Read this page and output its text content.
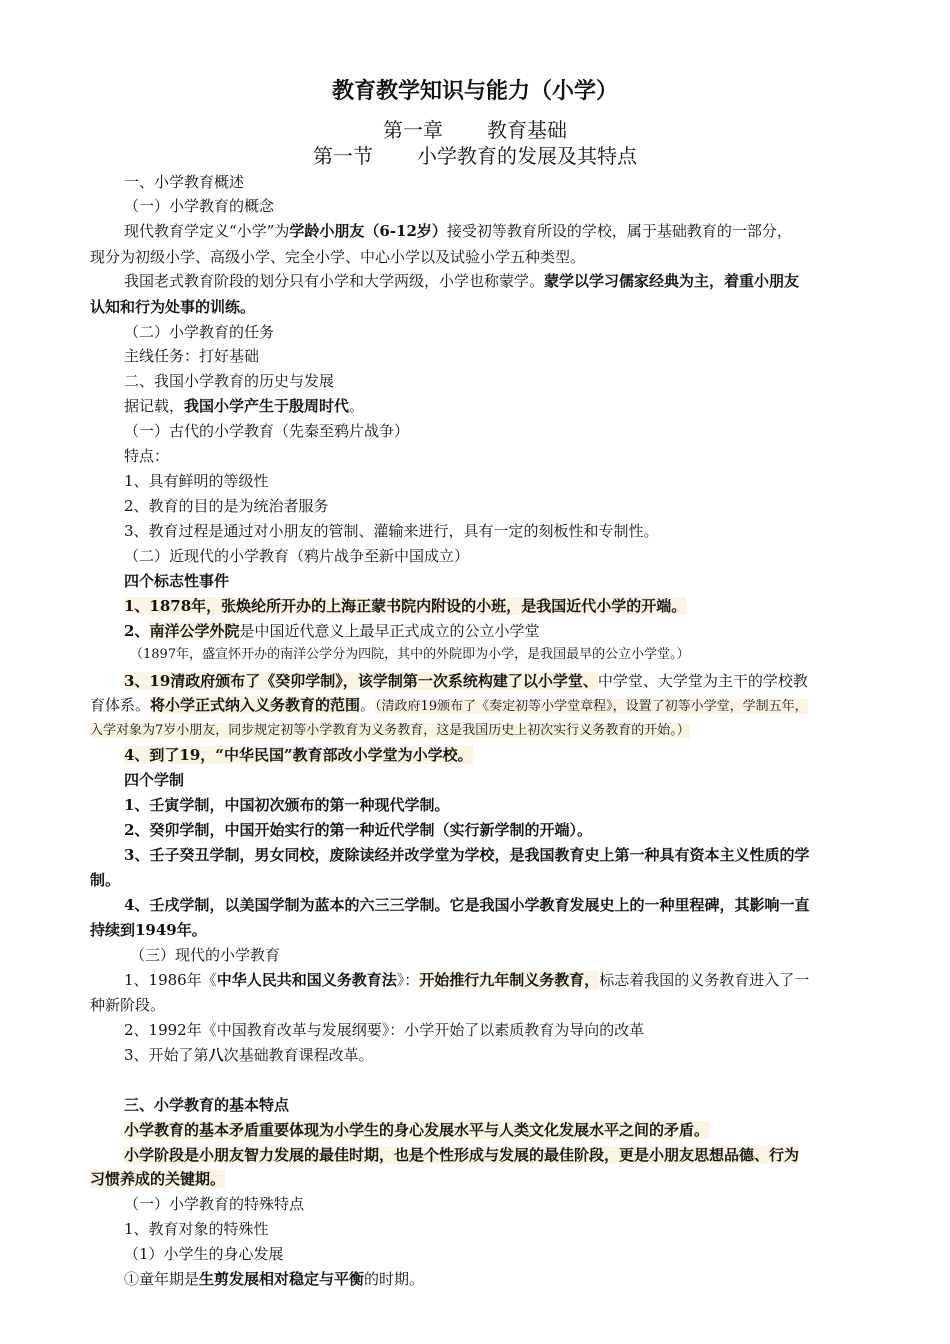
教育教学知识与能力（小学）
第一章 教育基础
第一节 小学教育的发展及其特点
一、小学教育概述
（一）小学教育的概念
现代教育学定义“小学”为学龄小朋友（6-12岁）接受初等教育所设的学校，属于基础教育的一部分，
现分为初级小学、高级小学、完全小学、中心小学以及试验小学五种类型。
我国老式教育阶段的划分只有小学和大学两级，小学也称蒙学。蒙学以学习儒家经典为主，着重小朋友
认知和行为处事的训练。
（二）小学教育的任务
主线任务：打好基础
二、我国小学教育的历史与发展
据记载，我国小学产生于殷周时代。
（一）古代的小学教育（先秦至鸦片战争）
特点：
1、具有鲜明的等级性
2、教育的目的是为统治者服务
3、教育过程是通过对小朋友的管制、灌输来进行，具有一定的刻板性和专制性。
（二）近现代的小学教育（鸦片战争至新中国成立）
四个标志性事件
1、1878年，张焕纶所开办的上海正蒙书院内附设的小班，是我国近代小学的开端。
2、南洋公学外院是中国近代意义上最早正式成立的公立小学堂
（1897年，盛宣怀开办的南洋公学分为四院，其中的外院即为小学，是我国最早的公立小学堂。）
3、19清政府颁布了《癸卯学制》，该学制第一次系统构建了以小学堂、中学堂、大学堂为主干的学校教
育体系。将小学正式纳入义务教育的范围。（清政府19颁布了《奏定初等小学堂章程》，设置了初等小学堂，学制五年，
入学对象为7岁小朋友，同步规定初等小学教育为义务教育，这是我国历史上初次实行义务教育的开始。）
4、到了19，“中华民国”教育部改小学堂为小学校。
四个学制
1、壬寅学制，中国初次颁布的第一种现代学制。
2、癸卯学制，中国开始实行的第一种近代学制（实行新学制的开端）。
3、壬子癸丑学制，男女同校，废除读经并改学堂为学校，是我国教育史上第一种具有资本主义性质的学
制。
4、壬戌学制，以美国学制为蓝本的六三三学制。它是我国小学教育发展史上的一种里程碑，其影响一直
持续到1949年。
（三）现代的小学教育
1、1986年《中华人民共和国义务教育法》：开始推行九年制义务教育，标志着我国的义务教育进入了一
种新阶段。
2、1992年《中国教育改革与发展纲要》：小学开始了以素质教育为导向的改革
3、开始了第八次基础教育课程改革。
三、小学教育的基本特点
小学教育的基本矛盾重要体现为小学生的身心发展水平与人类文化发展水平之间的矛盾。
小学阶段是小朋友智力发展的最佳时期，也是个性形成与发展的最佳阶段，更是小朋友思想品德、行为
习惯养成的关键期。
（一）小学教育的特殊特点
1、教育对象的特殊性
（1）小学生的身心发展
①童年期是生剪发展相对稳定与平衡的时期。
